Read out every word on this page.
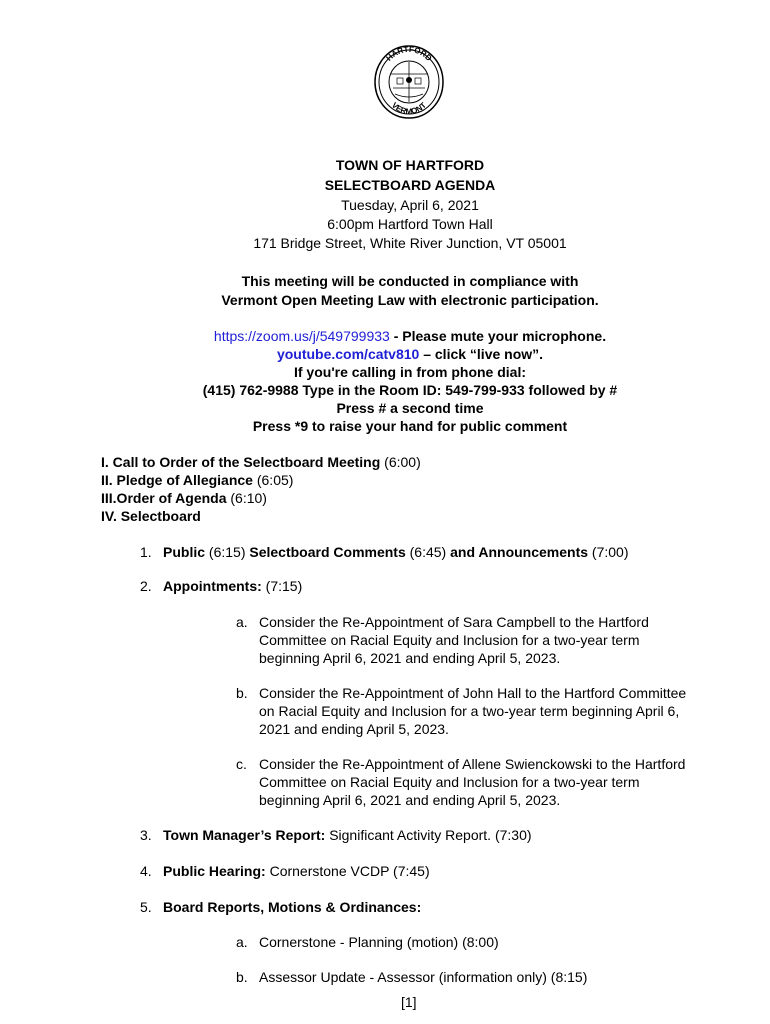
HARTFORD
VERMONT
TOWN OF HARTFORD
SELECTBOARD AGENDA
Tuesday, April 6, 2021
6:00pm Hartford Town Hall
171 Bridge Street, White River Junction, VT 05001
This meeting will be conducted in compliance with
Vermont Open Meeting Law with electronic participation.
https://zoom.us/j/549799933 - Please mute your microphone.
youtube.com/catv810 – click “live now”.
If you're calling in from phone dial:
(415) 762-9988 Type in the Room ID: 549-799-933 followed by #
Press # a second time
Press *9 to raise your hand for public comment
I. Call to Order of the Selectboard Meeting (6:00)
II. Pledge of Allegiance (6:05)
III.Order of Agenda (6:10)
IV. Selectboard
1. Public (6:15) Selectboard Comments (6:45) and Announcements (7:00)
2. Appointments: (7:15)
a. Consider the Re-Appointment of Sara Campbell to the Hartford Committee on Racial Equity and Inclusion for a two-year term beginning April 6, 2021 and ending April 5, 2023.
b. Consider the Re-Appointment of John Hall to the Hartford Committee on Racial Equity and Inclusion for a two-year term beginning April 6, 2021 and ending April 5, 2023.
c. Consider the Re-Appointment of Allene Swienckowski to the Hartford Committee on Racial Equity and Inclusion for a two-year term beginning April 6, 2021 and ending April 5, 2023.
3. Town Manager’s Report: Significant Activity Report. (7:30)
4. Public Hearing: Cornerstone VCDP (7:45)
5. Board Reports, Motions & Ordinances:
a. Cornerstone - Planning (motion) (8:00)
b. Assessor Update - Assessor (information only) (8:15)
[1]
